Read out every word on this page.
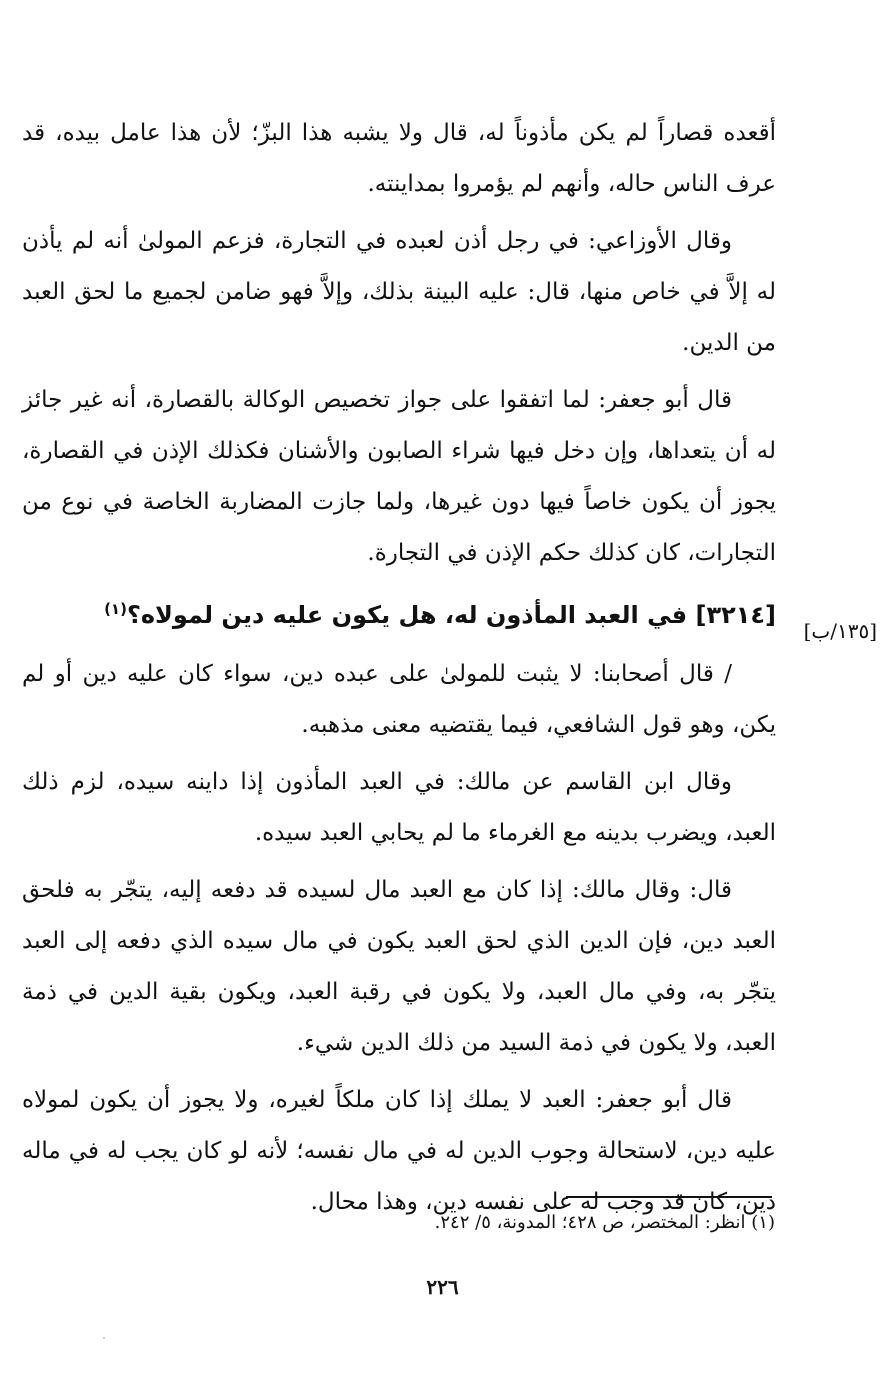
أقعده قصاراً لم يكن مأذوناً له، قال ولا يشبه هذا البزّ؛ لأن هذا عامل بيده، قد عرف الناس حاله، وأنهم لم يؤمروا بمداينته.

وقال الأوزاعي: في رجل أذن لعبده في التجارة، فزعم المولىٰ أنه لم يأذن له إلاَّ في خاص منها، قال: عليه البينة بذلك، وإلاَّ فهو ضامن لجميع ما لحق العبد من الدين.

قال أبو جعفر: لما اتفقوا على جواز تخصيص الوكالة بالقصارة، أنه غير جائز له أن يتعداها، وإن دخل فيها شراء الصابون والأشنان فكذلك الإذن في القصارة، يجوز أن يكون خاصاً فيها دون غيرها، ولما جازت المضاربة الخاصة في نوع من التجارات، كان كذلك حكم الإذن في التجارة.

[٣٢١٤] في العبد المأذون له، هل يكون عليه دين لمولاه؟$^{(١)}$

/ قال أصحابنا: لا يثبت للمولىٰ على عبده دين، سواء كان عليه دين أو لم يكن، وهو قول الشافعي، فيما يقتضيه معنى مذهبه.

وقال ابن القاسم عن مالك: في العبد المأذون إذا داينه سيده، لزم ذلك العبد، ويضرب بدينه مع الغرماء ما لم يحابي العبد سيده.

قال: وقال مالك: إذا كان مع العبد مال لسيده قد دفعه إليه، يتجّر به فلحق العبد دين، فإن الدين الذي لحق العبد يكون في مال سيده الذي دفعه إلى العبد يتجّر به، وفي مال العبد، ولا يكون في رقبة العبد، ويكون بقية الدين في ذمة العبد، ولا يكون في ذمة السيد من ذلك الدين شيء.

قال أبو جعفر: العبد لا يملك إذا كان ملكاً لغيره، ولا يجوز أن يكون لمولاه عليه دين، لاستحالة وجوب الدين له في مال نفسه؛ لأنه لو كان يجب له في ماله دين، كان قد وجب له على نفسه دين، وهذا محال.

[١٣٥/ب]
(١) انظر: المختصر، ص ٤٢٨؛ المدونة، ٥/ ٢٤٢.
٢٢٦
